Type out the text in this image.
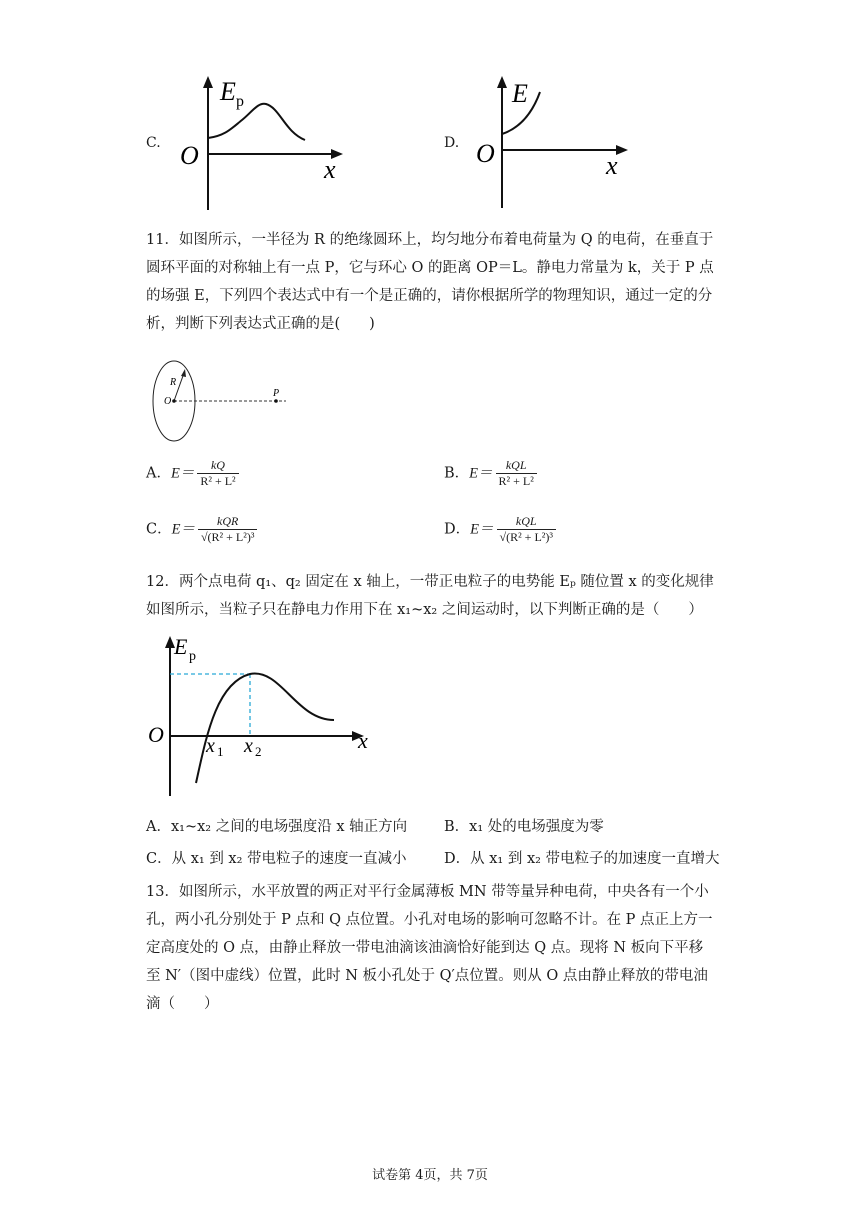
C.
E p
O	x
D.
E
O	x
11．如图所示，一半径为 R 的绝缘圆环上，均匀地分布着电荷量为 Q 的电荷，在垂直于圆环平面的对称轴上有一点 P，它与环心 O 的距离 OP＝L。静电力常量为 k，关于 P 点的场强 E，下列四个表达式中有一个是正确的，请你根据所学的物理知识，通过一定的分析，判断下列表达式正确的是(　　)
R
O
P
A．$E= \frac{kQ}{\text{R² + L²}}$	B．$E= \frac{\text{kQL}}{\text{R² + L²}}$
C．$E= \frac{\text{kQR}}{\text{√(R² + L²)³}}$	D．$E= \frac{\text{kQL}}{\text{√(R² + L²)³}}$
12．两个点电荷 q₁、q₂ 固定在 x 轴上，一带正电粒子的电势能 Eₚ 随位置 x 的变化规律如图所示，当粒子只在静电力作用下在 x₁~x₂ 之间运动时，以下判断正确的是（　　）
E p
O	x
x 1 x 2
A．x₁~x₂ 之间的电场强度沿 x 轴正方向	B．x₁ 处的电场强度为零
C．从 x₁ 到 x₂ 带电粒子的速度一直减小	D．从 x₁ 到 x₂ 带电粒子的加速度一直增大
13．如图所示，水平放置的两正对平行金属薄板 MN 带等量异种电荷，中央各有一个小孔，两小孔分别处于 P 点和 Q 点位置。小孔对电场的影响可忽略不计。在 P 点正上方一定高度处的 O 点，由静止释放一带电油滴该油滴恰好能到达 Q 点。现将 N 板向下平移至 N′（图中虚线）位置，此时 N 板小孔处于 Q′点位置。则从 O 点由静止释放的带电油滴（　　）
试卷第 4页，共 7页
